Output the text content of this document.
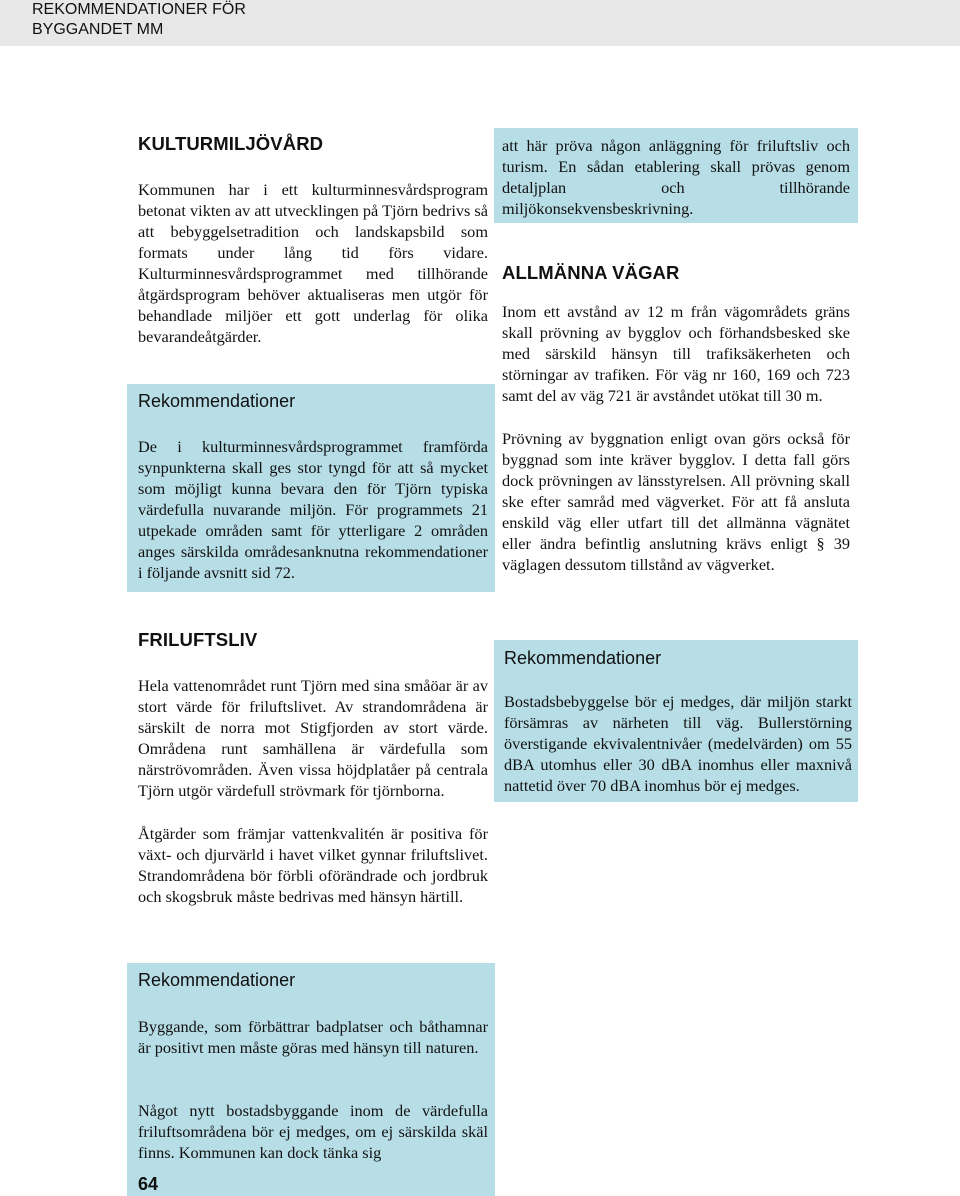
REKOMMENDATIONER FÖR BYGGANDET MM
KULTURMILJÖVÅRD

Kommunen har i ett kulturminnesvårdsprogram betonat vikten av att utvecklingen på Tjörn bedrivs så att bebyggelsetradition och landskapsbild som formats under lång tid förs vidare. Kulturminnesvårdsprogrammet med tillhörande åtgärdsprogram behöver aktualiseras men utgör för behandlade miljöer ett gott underlag för olika bevarandeåtgärder.

Rekommendationer

De i kulturminnesvårdsprogrammet framförda synpunkterna skall ges stor tyngd för att så mycket som möjligt kunna bevara den för Tjörn typiska värdefulla nuvarande miljön. För programmets 21 utpekade områden samt för ytterligare 2 områden anges särskilda områdesanknutna rekommendationer i följande avsnitt sid 72.

FRILUFTSLIV

Hela vattenområdet runt Tjörn med sina småöar är av stort värde för friluftslivet. Av strandområdena är särskilt de norra mot Stigfjorden av stort värde. Områdena runt samhällena är värdefulla som närströvområden. Även vissa höjdplatåer på centrala Tjörn utgör värdefull strövmark för tjörnborna.

Åtgärder som främjar vattenkvalitén är positiva för växt- och djurvärld i havet vilket gynnar friluftslivet. Strandområdena bör förbli oförändrade och jordbruk och skogsbruk måste bedrivas med hänsyn härtill.

Rekommendationer

Byggande, som förbättrar badplatser och båthamnar är positivt men måste göras med hänsyn till naturen.

Något nytt bostadsbyggande inom de värdefulla friluftsområdena bör ej medges, om ej särskilda skäl finns. Kommunen kan dock tänka sig

64

att här pröva någon anläggning för friluftsliv och turism. En sådan etablering skall prövas genom detaljplan och tillhörande miljökonsekvensbeskrivning.

ALLMÄNNA VÄGAR

Inom ett avstånd av 12 m från vägområdets gräns skall prövning av bygglov och förhandsbesked ske med särskild hänsyn till trafiksäkerheten och störningar av trafiken. För väg nr 160, 169 och 723 samt del av väg 721 är avståndet utökat till 30 m.

Prövning av byggnation enligt ovan görs också för byggnad som inte kräver bygglov. I detta fall görs dock prövningen av länsstyrelsen. All prövning skall ske efter samråd med vägverket. För att få ansluta enskild väg eller utfart till det allmänna vägnätet eller ändra befintlig anslutning krävs enligt § 39 väglagen dessutom tillstånd av vägverket.

Rekommendationer

Bostadsbebyggelse bör ej medges, där miljön starkt försämras av närheten till väg. Bullerstörning överstigande ekvivalentnivåer (medelvärden) om 55 dBA utomhus eller 30 dBA inomhus eller maxnivå nattetid över 70 dBA inomhus bör ej medges.
